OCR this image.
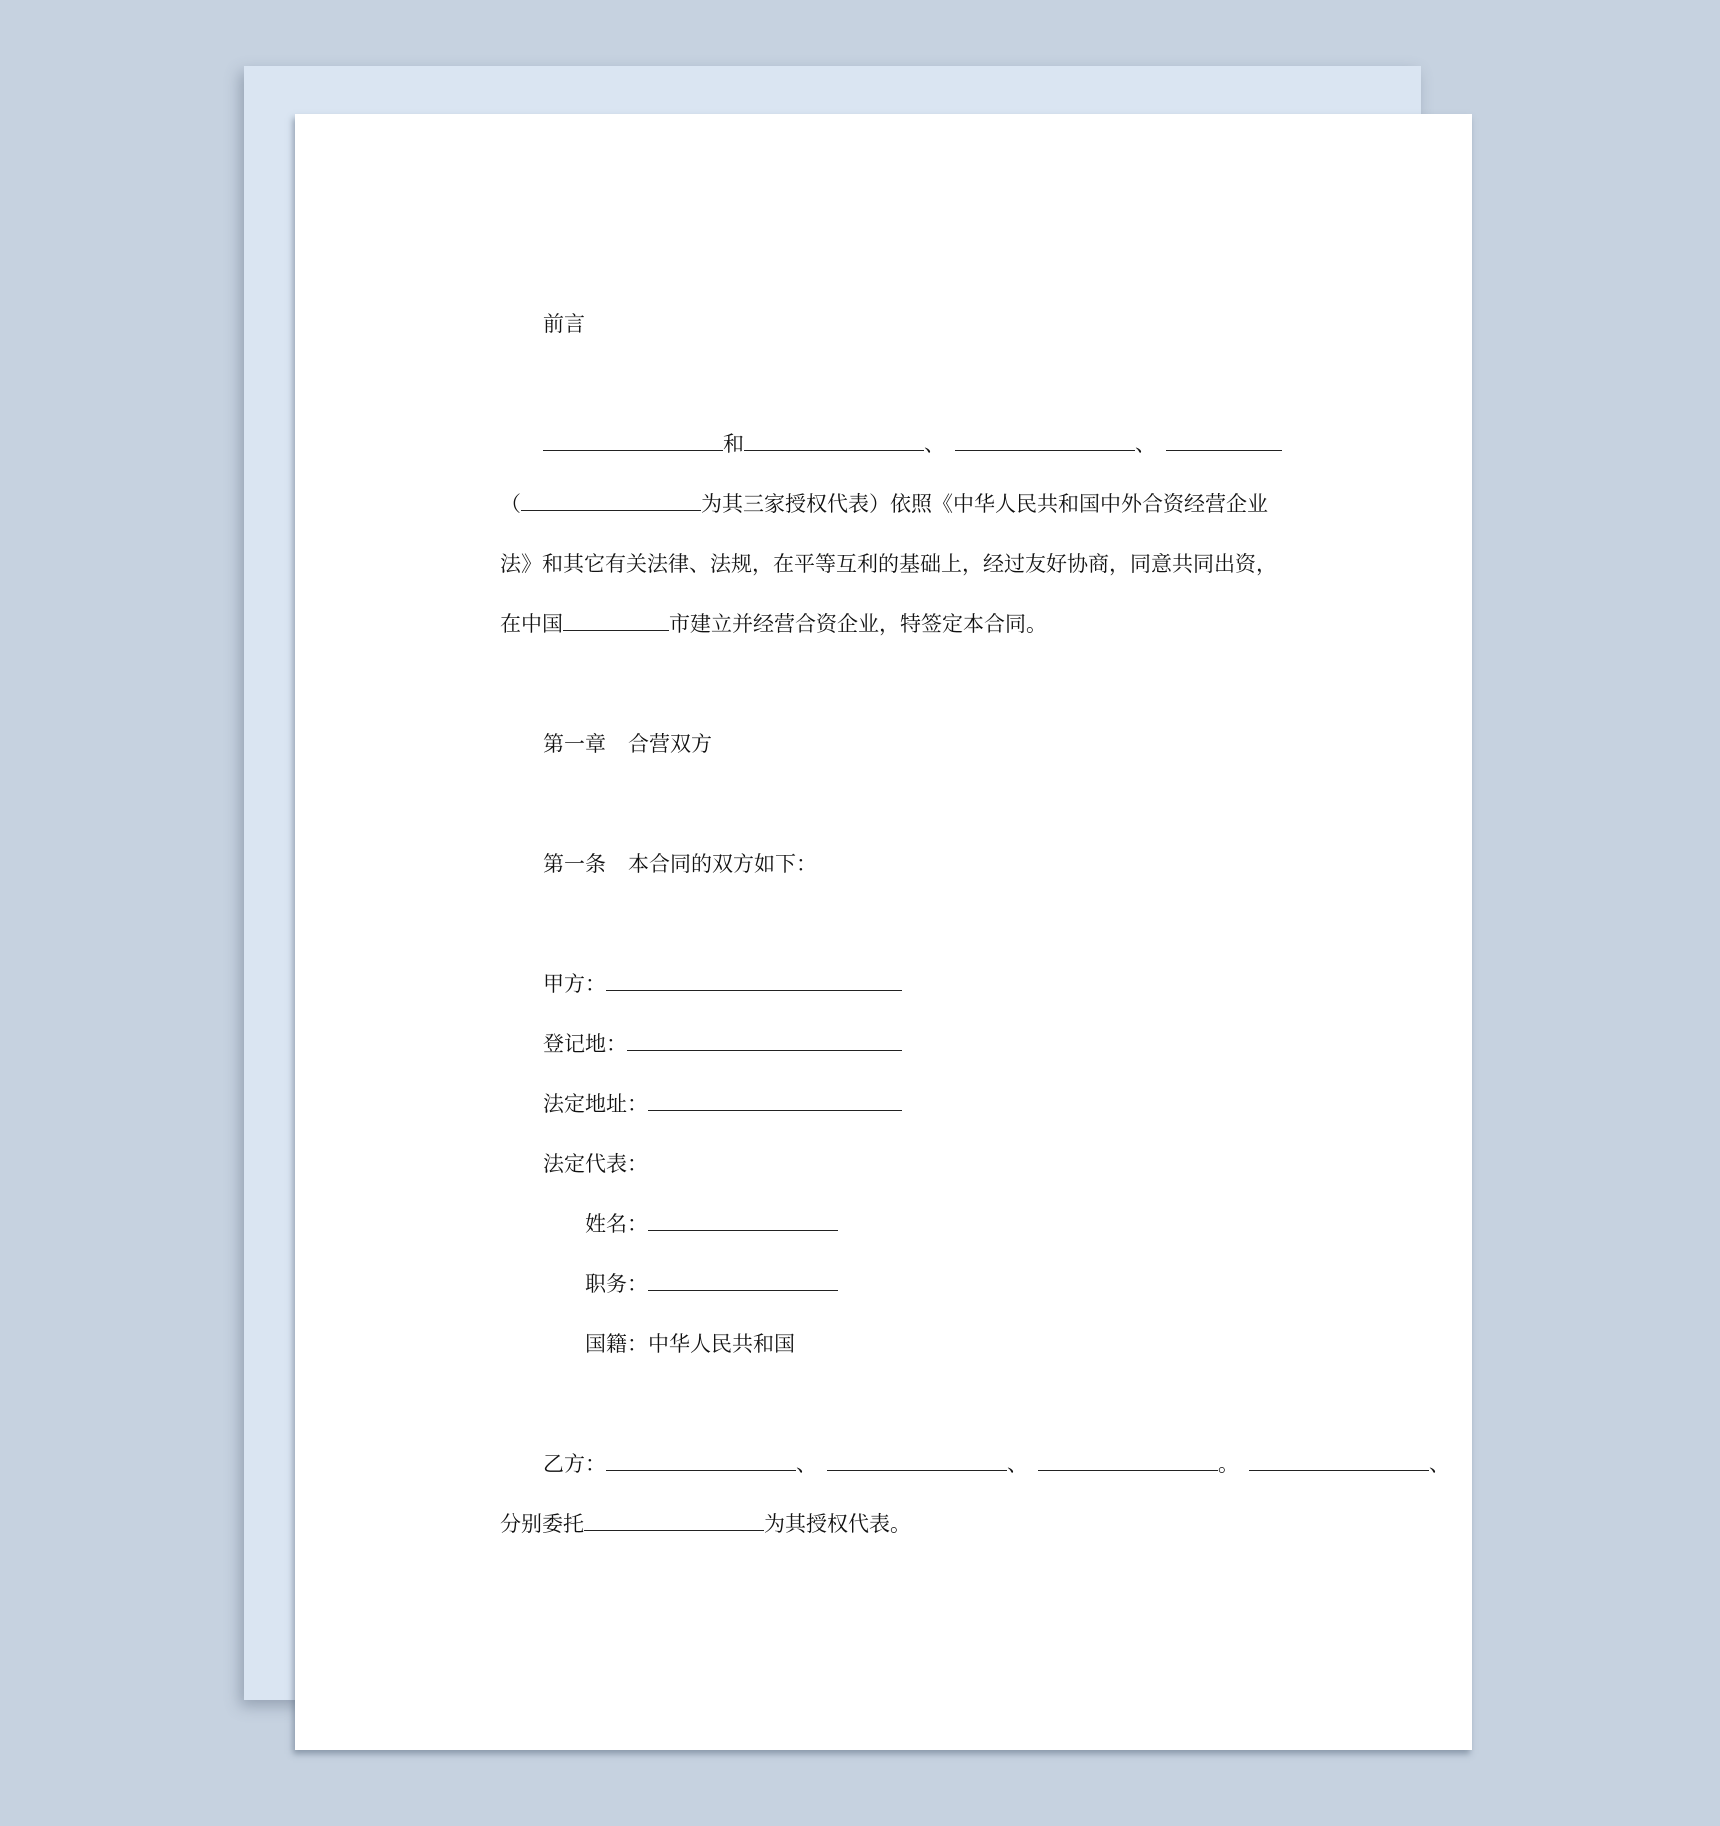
前言
和	、	、
（	为其三家授权代表）依照《中华人民共和国中外合资经营企业
法》和其它有关法律、法规，在平等互利的基础上，经过友好协商，同意共同出资，
在中国	市建立并经营合资企业，特签定本合同。
第一章 合营双方
第一条 本合同的双方如下：
甲方：
登记地：
法定地址：
法定代表：
姓名：
职务：
国籍：中华人民共和国
乙方：	、	、	。	、
分别委托	为其授权代表。
